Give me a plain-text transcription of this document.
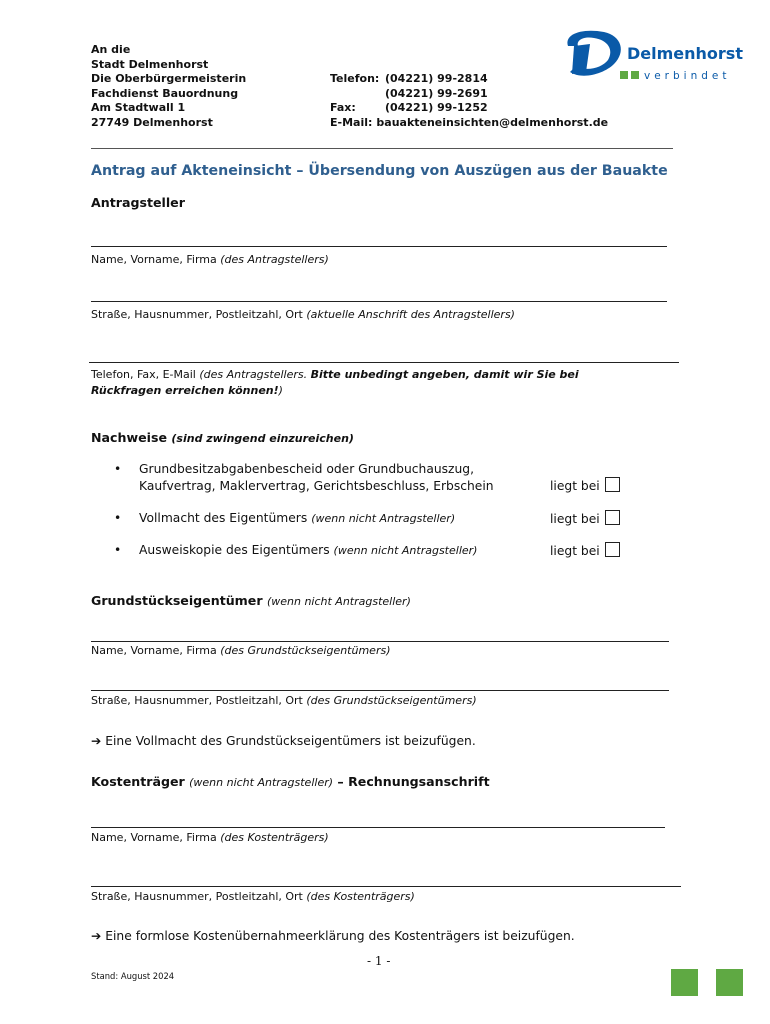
An die
Stadt Delmenhorst
Die Oberbürgermeisterin
Fachdienst Bauordnung
Am Stadtwall 1
27749 Delmenhorst
Telefon: (04221) 99-2814
(04221) 99-2691
Fax:	(04221) 99-1252
E-Mail: bauakteneinsichten@delmenhorst.de
Delmenhorst
verbindet
Antrag auf Akteneinsicht – Übersendung von Auszügen aus der Bauakte
Antragsteller
Name, Vorname, Firma (des Antragstellers)
Straße, Hausnummer, Postleitzahl, Ort (aktuelle Anschrift des Antragstellers)
Telefon, Fax, E-Mail (des Antragstellers. Bitte unbedingt angeben, damit wir Sie bei
Rückfragen erreichen können!)
Nachweise (sind zwingend einzureichen)
• Grundbesitzabgabenbescheid oder Grundbuchauszug,
Kaufvertrag, Maklervertrag, Gerichtsbeschluss, Erbschein	liegt bei
• Vollmacht des Eigentümers (wenn nicht Antragsteller)	liegt bei
• Ausweiskopie des Eigentümers (wenn nicht Antragsteller)	liegt bei
Grundstückseigentümer (wenn nicht Antragsteller)
Name, Vorname, Firma (des Grundstückseigentümers)
Straße, Hausnummer, Postleitzahl, Ort (des Grundstückseigentümers)
➔ Eine Vollmacht des Grundstückseigentümers ist beizufügen.
Kostenträger (wenn nicht Antragsteller) – Rechnungsanschrift
Name, Vorname, Firma (des Kostenträgers)
Straße, Hausnummer, Postleitzahl, Ort (des Kostenträgers)
➔ Eine formlose Kostenübernahmeerklärung des Kostenträgers ist beizufügen.
- 1 -
Stand: August 2024
